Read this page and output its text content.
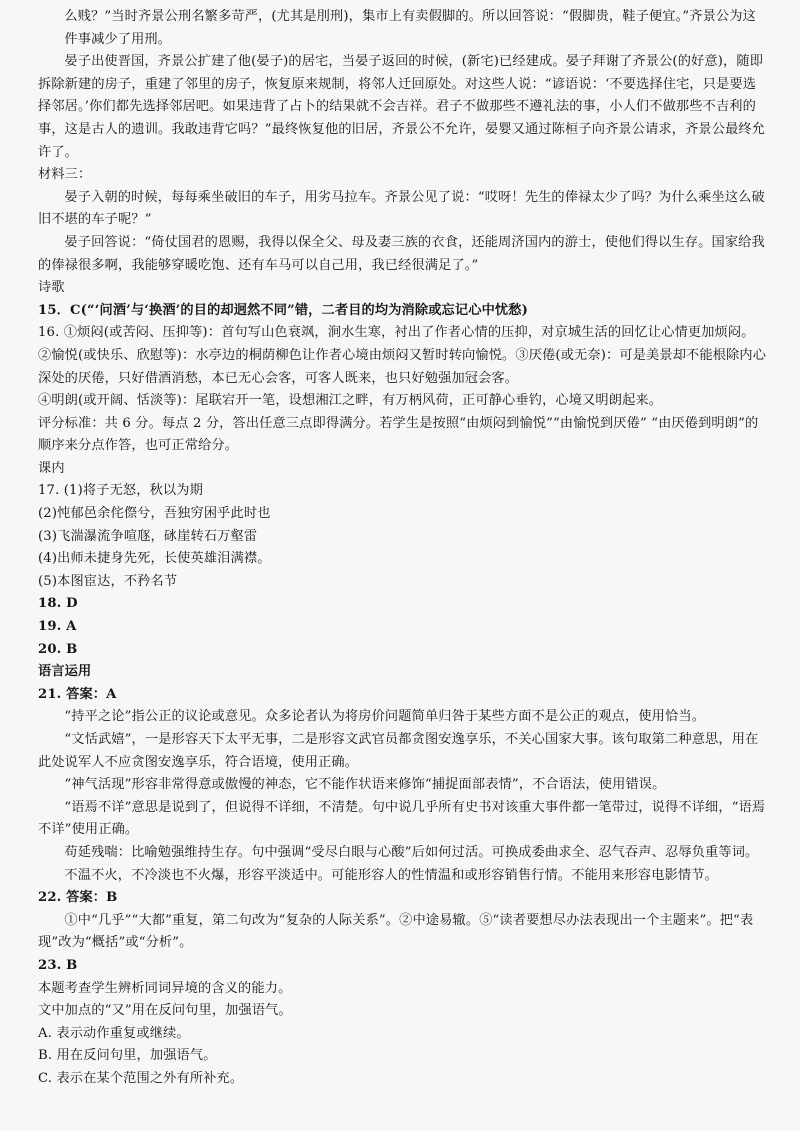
么贱？”当时齐景公刑名繁多苛严，(尤其是刖刑)，集市上有卖假脚的。所以回答说：“假脚贵，鞋子便宜。”齐景公为这件事减少了用刑。

晏子出使晋国，齐景公扩建了他(晏子)的居宅，当晏子返回的时候，(新宅)已经建成。晏子拜谢了齐景公(的好意)，随即拆除新建的房子，重建了邻里的房子，恢复原来规制，将邻人迁回原处。对这些人说：“谚语说：‘不要选择住宅，只是要选择邻居。’你们都先选择邻居吧。如果违背了占卜的结果就不会吉祥。君子不做那些不遵礼法的事，小人们不做那些不吉利的事，这是古人的遗训。我敢违背它吗？”最终恢复他的旧居，齐景公不允许，晏婴又通过陈桓子向齐景公请求，齐景公最终允许了。

材料三：

晏子入朝的时候，每每乘坐破旧的车子，用劣马拉车。齐景公见了说：“哎呀！先生的俸禄太少了吗？为什么乘坐这么破旧不堪的车子呢？”

晏子回答说：“倚仗国君的恩赐，我得以保全父、母及妻三族的衣食，还能周济国内的游士，使他们得以生存。国家给我的俸禄很多啊，我能够穿暖吃饱、还有车马可以自己用，我已经很满足了。”

诗歌

15．C(“‘问酒’与‘换酒’的目的却迥然不同”错，二者目的均为消除或忘记心中忧愁)

16. ①烦闷(或苦闷、压抑等)：首句写山色衰飒，涧水生寒，衬出了作者心情的压抑，对京城生活的回忆让心情更加烦闷。

②愉悦(或快乐、欣慰等)：水亭边的桐荫柳色让作者心境由烦闷又暂时转向愉悦。③厌倦(或无奈)：可是美景却不能根除内心深处的厌倦，只好借酒消愁，本已无心会客，可客人既来，也只好勉强加冠会客。

④明朗(或开阔、恬淡等)：尾联宕开一笔，设想湘江之畔，有万柄风荷，正可静心垂钓，心境又明朗起来。

评分标准：共 6 分。每点 2 分，答出任意三点即得满分。若学生是按照“由烦闷到愉悦”“由愉悦到厌倦” “由厌倦到明朗”的顺序来分点作答，也可正常给分。

课内

17. (1)将子无怒，秋以为期

(2)忳郁邑余侘傺兮，吾独穷困乎此时也

(3)飞湍瀑流争喧豗，砯崖转石万壑雷

(4)出师未捷身先死，长使英雄泪满襟。

(5)本图宦达，不矜名节

18. D

19. A

20. B

语言运用

21. 答案：A

“持平之论”指公正的议论或意见。众多论者认为将房价问题简单归咎于某些方面不是公正的观点，使用恰当。

“文恬武嬉”，一是形容天下太平无事，二是形容文武官员都贪图安逸享乐，不关心国家大事。该句取第二种意思，用在此处说军人不应贪图安逸享乐，符合语境，使用正确。

“神气活现”形容非常得意或傲慢的神态，它不能作状语来修饰“捕捉面部表情”，不合语法，使用错误。

“语焉不详”意思是说到了，但说得不详细，不清楚。句中说几乎所有史书对该重大事件都一笔带过，说得不详细，“语焉不详”使用正确。

苟延残喘：比喻勉强维持生存。句中强调“受尽白眼与心酸”后如何过活。可换成委曲求全、忍气吞声、忍辱负重等词。

不温不火，不冷淡也不火爆，形容平淡适中。可能形容人的性情温和或形容销售行情。不能用来形容电影情节。

22. 答案：B

①中“几乎”“大都”重复，第二句改为“复杂的人际关系”。②中途易辙。⑤“读者要想尽办法表现出一个主题来”。把“表现”改为“概括”或“分析”。

23. B

本题考查学生辨析同词异境的含义的能力。

文中加点的“又”用在反问句里，加强语气。

A. 表示动作重复或继续。

B. 用在反问句里，加强语气。

C. 表示在某个范围之外有所补充。
